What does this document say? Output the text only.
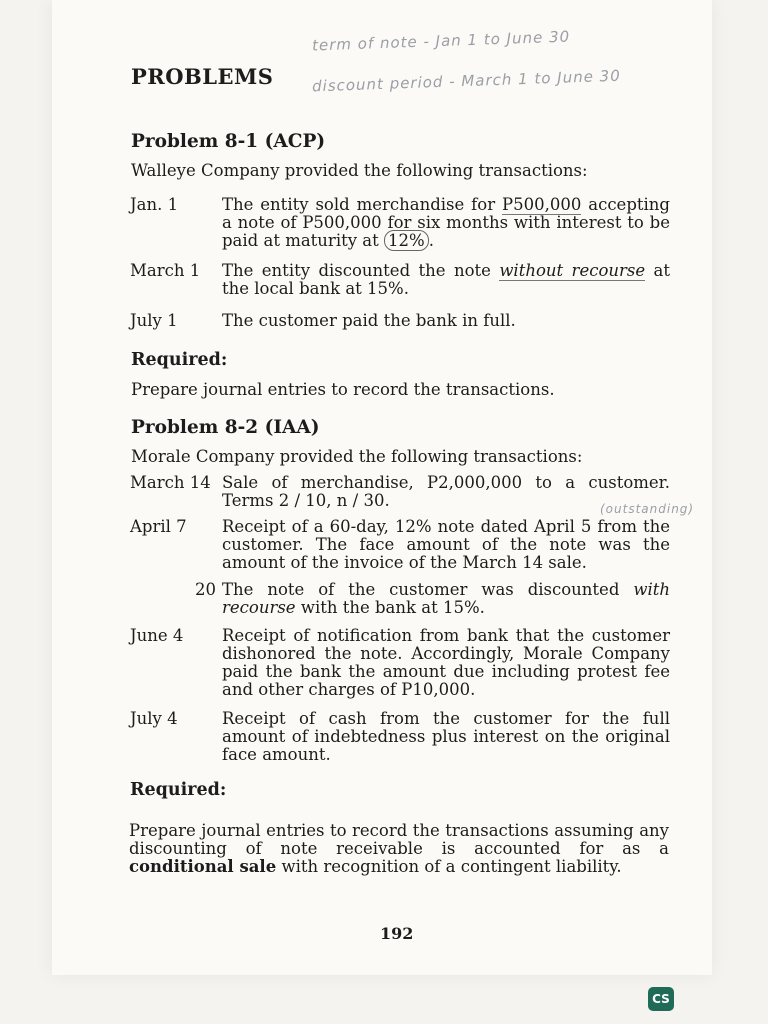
PROBLEMS
term of note - Jan 1 to June 30
discount period - March 1 to June 30
Problem 8-1 (ACP)
Walleye Company provided the following transactions:
Jan. 1	The entity sold merchandise for P500,000 accepting a note of P500,000 for six months with interest to be paid at maturity at 12% .
March 1	The entity discounted the note without recourse at the local bank at 15%.
July 1	The customer paid the bank in full.
Required:
Prepare journal entries to record the transactions.
Problem 8-2 (IAA)
Morale Company provided the following transactions:
March 14 Sale of merchandise, P2,000,000 to a customer. Terms 2 / 10, n / 30.
April 7	Receipt of a 60-day, 12% note dated April 5 from the customer. The face amount of the note was the amount of the invoice of the March 14 sale.
(outstanding)
20 The note of the customer was discounted with recourse with the bank at 15%.
June 4	Receipt of notification from bank that the customer dishonored the note. Accordingly, Morale Company paid the bank the amount due including protest fee and other charges of P10,000.
July 4	Receipt of cash from the customer for the full amount of indebtedness plus interest on the original face amount.
Required:
Prepare journal entries to record the transactions assuming any discounting of note receivable is accounted for as a conditional sale with recognition of a contingent liability.
192
CS
